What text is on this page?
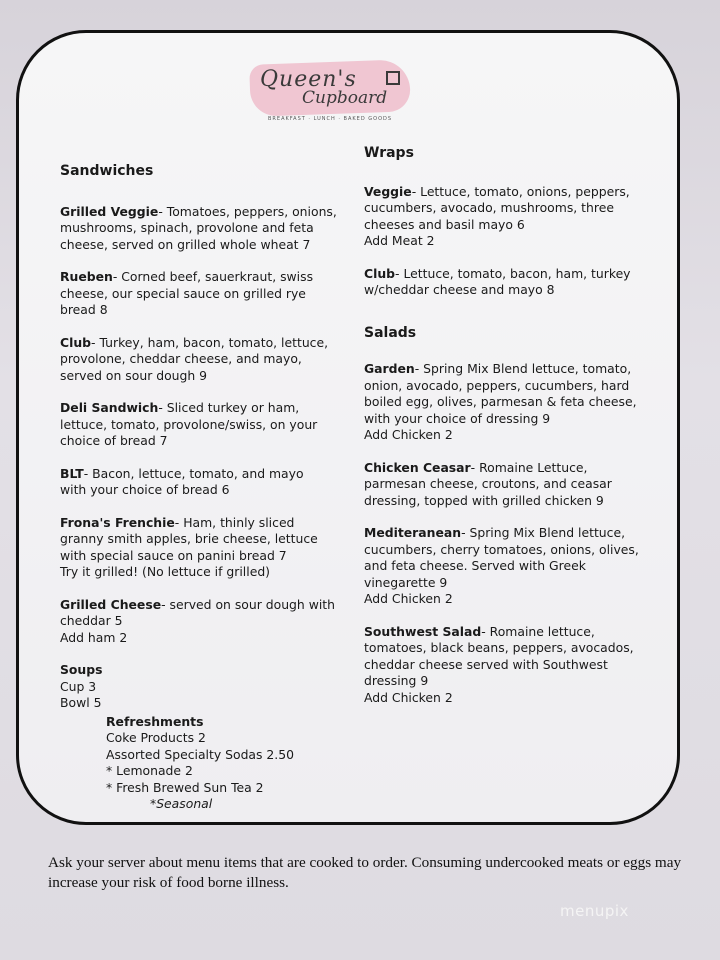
Queen's
Cupboard
BREAKFAST · LUNCH · BAKED GOODS
Sandwiches
Grilled Veggie- Tomatoes, peppers, onions,
mushrooms, spinach, provolone and feta
cheese, served on grilled whole wheat 7
Rueben- Corned beef, sauerkraut, swiss
cheese, our special sauce on grilled rye
bread 8
Club- Turkey, ham, bacon, tomato, lettuce,
provolone, cheddar cheese, and mayo,
served on sour dough 9
Deli Sandwich- Sliced turkey or ham,
lettuce, tomato, provolone/swiss, on your
choice of bread 7
BLT- Bacon, lettuce, tomato, and mayo
with your choice of bread 6
Frona's Frenchie- Ham, thinly sliced
granny smith apples, brie cheese, lettuce
with special sauce on panini bread 7
Try it grilled! (No lettuce if grilled)
Grilled Cheese- served on sour dough with
cheddar 5
Add ham 2
Soups
Cup 3
Bowl 5
Refreshments
Coke Products 2
Assorted Specialty Sodas 2.50
* Lemonade 2
* Fresh Brewed Sun Tea 2
*Seasonal
Wraps
Veggie- Lettuce, tomato, onions, peppers,
cucumbers, avocado, mushrooms, three
cheeses and basil mayo 6
Add Meat 2
Club- Lettuce, tomato, bacon, ham, turkey
w/cheddar cheese and mayo 8
Salads
Garden- Spring Mix Blend lettuce, tomato,
onion, avocado, peppers, cucumbers, hard
boiled egg, olives, parmesan & feta cheese,
with your choice of dressing 9
Add Chicken 2
Chicken Ceasar- Romaine Lettuce,
parmesan cheese, croutons, and ceasar
dressing, topped with grilled chicken 9
Mediteranean- Spring Mix Blend lettuce,
cucumbers, cherry tomatoes, onions, olives,
and feta cheese. Served with Greek
vinegarette 9
Add Chicken 2
Southwest Salad- Romaine lettuce,
tomatoes, black beans, peppers, avocados,
cheddar cheese served with Southwest
dressing 9
Add Chicken 2
Ask your server about menu items that are cooked to order. Consuming undercooked meats or eggs may increase your risk of food borne illness.
menupix
